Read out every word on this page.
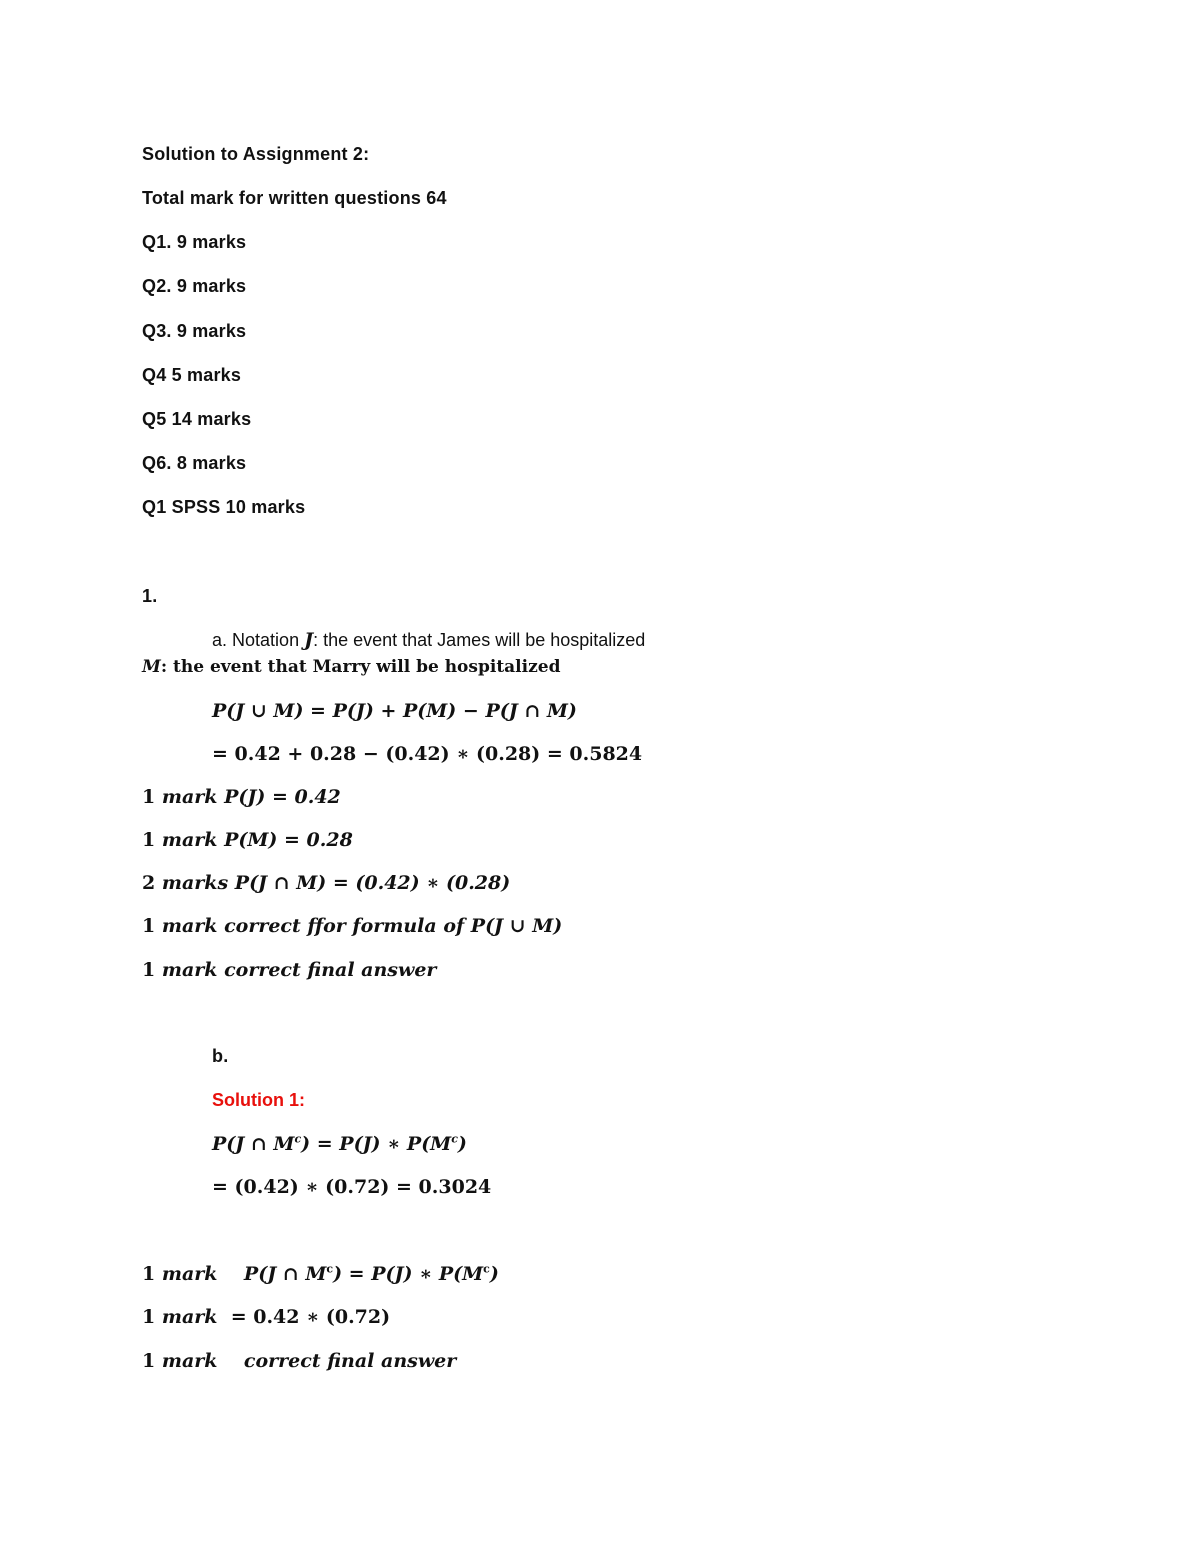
Solution to Assignment 2:
Total mark for written questions 64
Q1. 9 marks
Q2. 9 marks
Q3. 9 marks
Q4 5 marks
Q5 14 marks
Q6. 8 marks
Q1 SPSS 10 marks
1.
a. Notation J: the event that James will be hospitalized
M: the event that Marry will be hospitalized
P(J ∪ M) = P(J) + P(M) − P(J ∩ M)
= 0.42 + 0.28 − (0.42) ∗ (0.28) = 0.5824
1 mark P(J) = 0.42
1 mark P(M) = 0.28
2 marks P(J ∩ M) = (0.42) ∗ (0.28)
1 mark correct ffor formula of P(J ∪ M)
1 mark correct final answer
b.
Solution 1:
P(J ∩ $M^c) = P(J)$ ∗ $P(M^c)$
= (0.42) ∗ (0.72) = 0.3024
1 mark P(J ∩ $M^c) = P(J)$ ∗ $P(M^c)$
1 mark = 0.42 ∗ (0.72)
1 mark correct final answer
